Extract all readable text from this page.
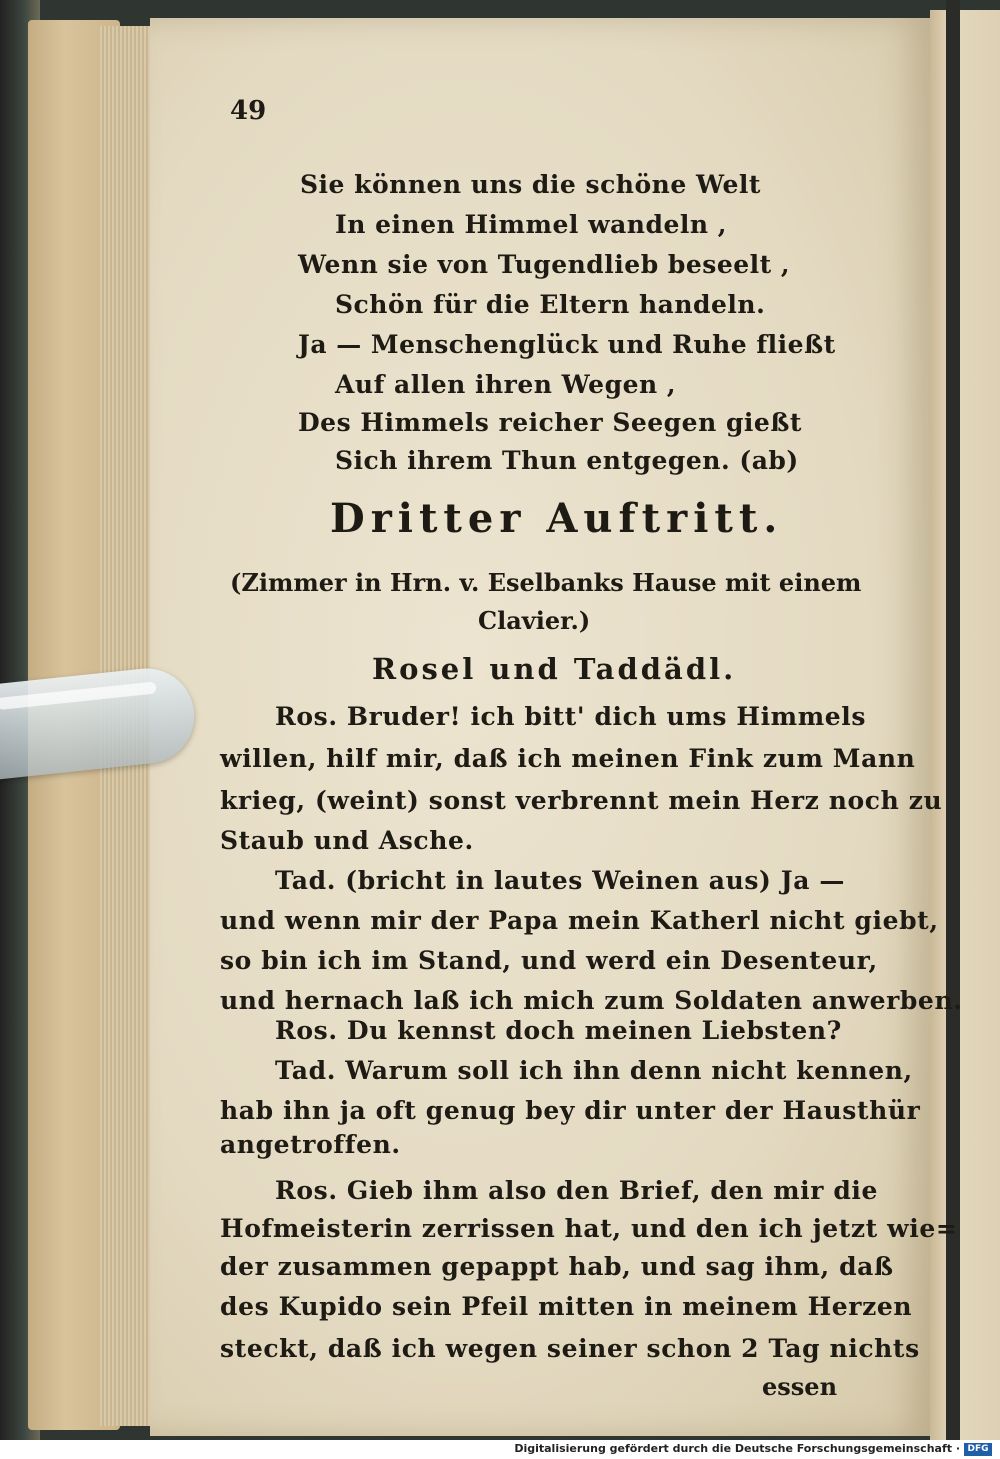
49
Sie können uns die schöne Welt
In einen Himmel wandeln ,
Wenn sie von Tugendlieb beseelt ,
Schön für die Eltern handeln.
Ja — Menschenglück und Ruhe fließt
Auf allen ihren Wegen ,
Des Himmels reicher Seegen gießt
Sich ihrem Thun entgegen. (ab)
Dritter Auftritt.
(Zimmer in Hrn. v. Eselbanks Hause mit einem
Clavier.)
Rosel und Taddädl.
Ros. Bruder! ich bitt' dich ums Himmels
willen, hilf mir, daß ich meinen Fink zum Mann
krieg, (weint) sonst verbrennt mein Herz noch zu
Staub und Asche.
Tad. (bricht in lautes Weinen aus) Ja —
und wenn mir der Papa mein Katherl nicht giebt,
so bin ich im Stand, und werd ein Desenteur,
und hernach laß ich mich zum Soldaten anwerben.
Ros. Du kennst doch meinen Liebsten?
Tad. Warum soll ich ihn denn nicht kennen,
hab ihn ja oft genug bey dir unter der Hausthür
angetroffen.
Ros. Gieb ihm also den Brief, den mir die
Hofmeisterin zerrissen hat, und den ich jetzt wie=
der zusammen gepappt hab, und sag ihm, daß
des Kupido sein Pfeil mitten in meinem Herzen
steckt, daß ich wegen seiner schon 2 Tag nichts
essen
Digitalisierung gefördert durch die Deutsche Forschungsgemeinschaft · DFG
